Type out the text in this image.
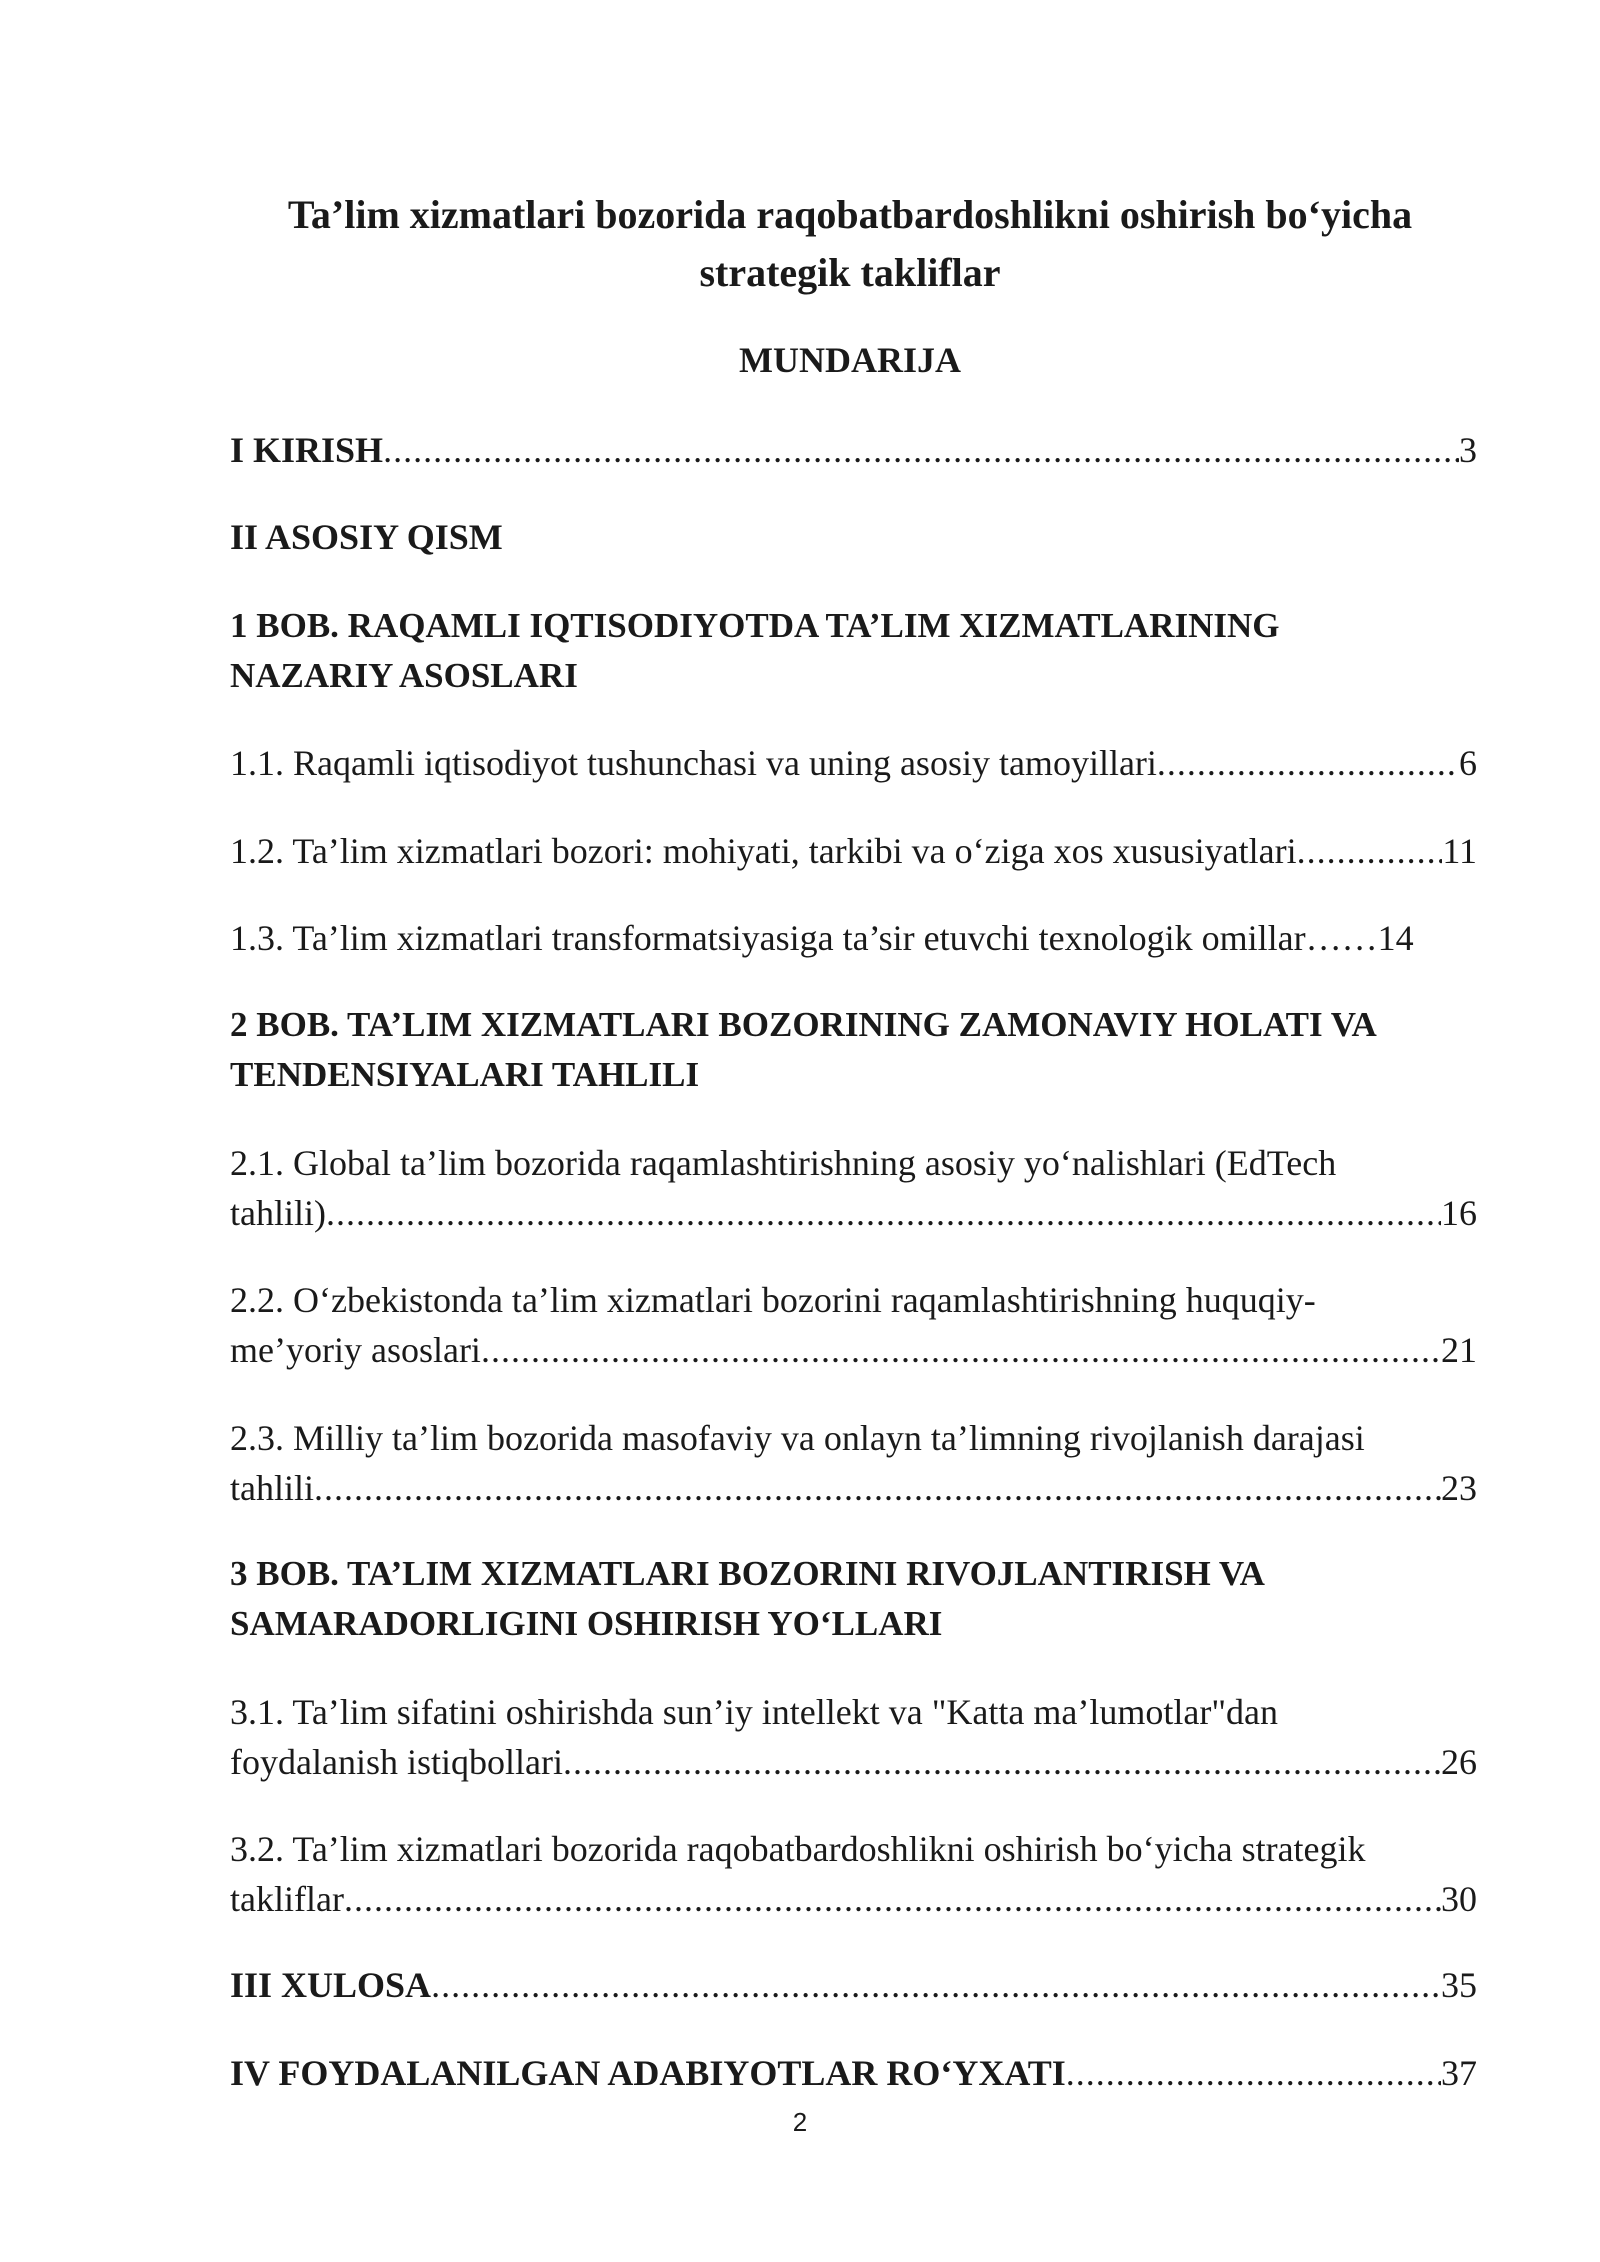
Ta’lim xizmatlari bozorida raqobatbardoshlikni oshirish bo‘yicha
strategik takliflar
MUNDARIJA
I KIRISH .....	3
II ASOSIY QISM
1 BOB. RAQAMLI IQTISODIYOTDA TA’LIM XIZMATLARINING
NAZARIY ASOSLARI
1.1. Raqamli iqtisodiyot tushunchasi va uning asosiy tamoyillari .....	6
1.2. Ta’lim xizmatlari bozori: mohiyati, tarkibi va o‘ziga xos xususiyatlari .....	11
1.3. Ta’lim xizmatlari transformatsiyasiga ta’sir etuvchi texnologik omillar …… 14
2 BOB. TA’LIM XIZMATLARI BOZORINING ZAMONAVIY HOLATI VA
TENDENSIYALARI TAHLILI
2.1. Global ta’lim bozorida raqamlashtirishning asosiy yo‘nalishlari (EdTech
tahlili) .....	16
2.2. O‘zbekistonda ta’lim xizmatlari bozorini raqamlashtirishning huquqiy-
me’yoriy asoslari .....	21
2.3. Milliy ta’lim bozorida masofaviy va onlayn ta’limning rivojlanish darajasi
tahlili .....	23
3 BOB. TA’LIM XIZMATLARI BOZORINI RIVOJLANTIRISH VA
SAMARADORLIGINI OSHIRISH YO‘LLARI
3.1. Ta’lim sifatini oshirishda sun’iy intellekt va "Katta ma’lumotlar"dan
foydalanish istiqbollari .....	26
3.2. Ta’lim xizmatlari bozorida raqobatbardoshlikni oshirish bo‘yicha strategik
takliflar .....	30
III XULOSA .....	35
IV FOYDALANILGAN ADABIYOTLAR RO‘YXATI .....	37
2
